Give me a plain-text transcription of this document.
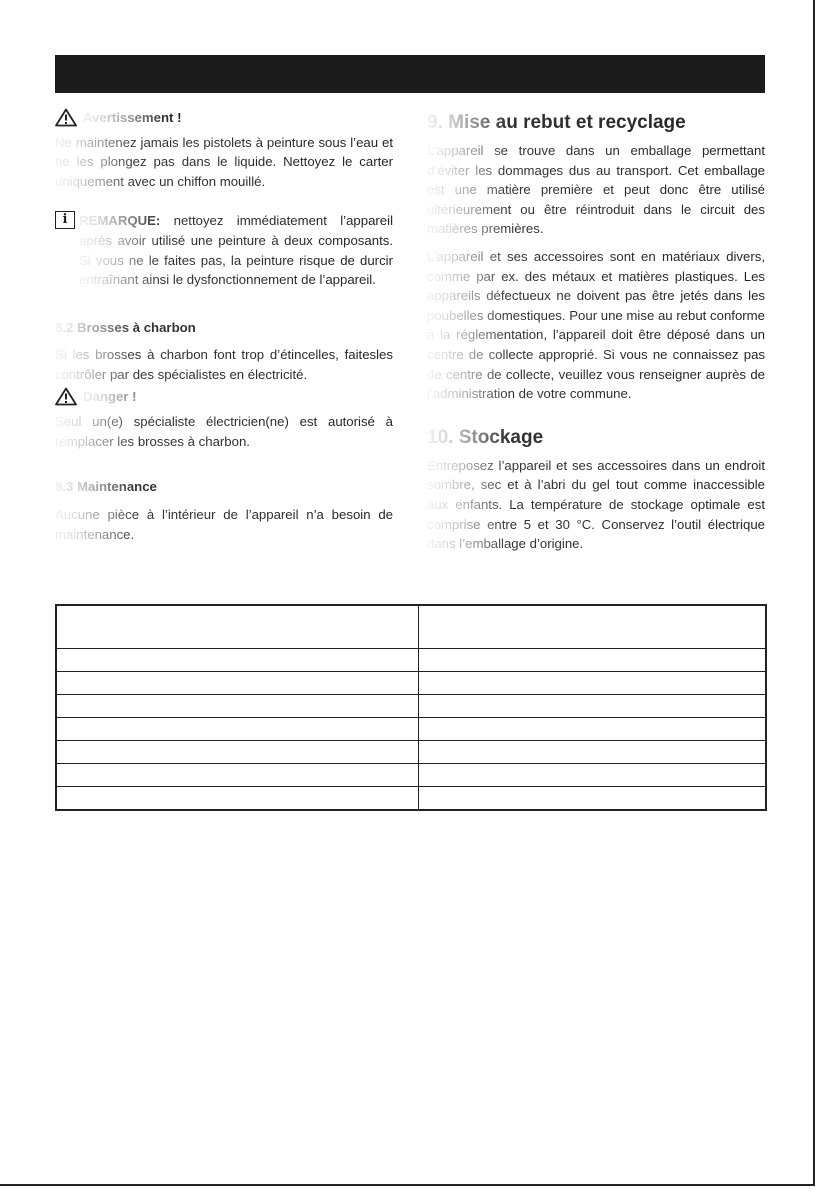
Avertissement !

Ne maintenez jamais les pistolets à peinture sous l’eau et ne les plongez pas dans le liquide. Nettoyez le carter uniquement avec un chiffon mouillé.

i REMARQUE: nettoyez immédiatement l’appareil après avoir utilisé une peinture à deux composants. Si vous ne le faites pas, la peinture risque de durcir entraînant ainsi le dysfonctionnement de l’appareil.

8.2 Brosses à charbon

Si les brosses à charbon font trop d’étincelles, faitesles contrôler par des spécialistes en électricité.

Danger !

Seul un(e) spécialiste électricien(ne) est autorisé à remplacer les brosses à charbon.

8.3 Maintenance

Aucune pièce à l’intérieur de l’appareil n’a besoin de maintenance.

9. Mise au rebut et recyclage

L’appareil se trouve dans un emballage permettant d’éviter les dommages dus au transport. Cet emballage est une matière première et peut donc être utilisé ultérieurement ou être réintroduit dans le circuit des matières premières.

L’appareil et ses accessoires sont en matériaux divers, comme par ex. des métaux et matières plastiques. Les appareils défectueux ne doivent pas être jetés dans les poubelles domestiques. Pour une mise au rebut conforme à la réglementation, l’appareil doit être déposé dans un centre de collecte approprié. Si vous ne connaissez pas de centre de collecte, veuillez vous renseigner auprès de l’administration de votre commune.

10. Stockage

Entreposez l’appareil et ses accessoires dans un endroit sombre, sec et à l’abri du gel tout comme inaccessible aux enfants. La température de stockage optimale est comprise entre 5 et 30 °C. Conservez l’outil électrique dans l’emballage d’origine.
